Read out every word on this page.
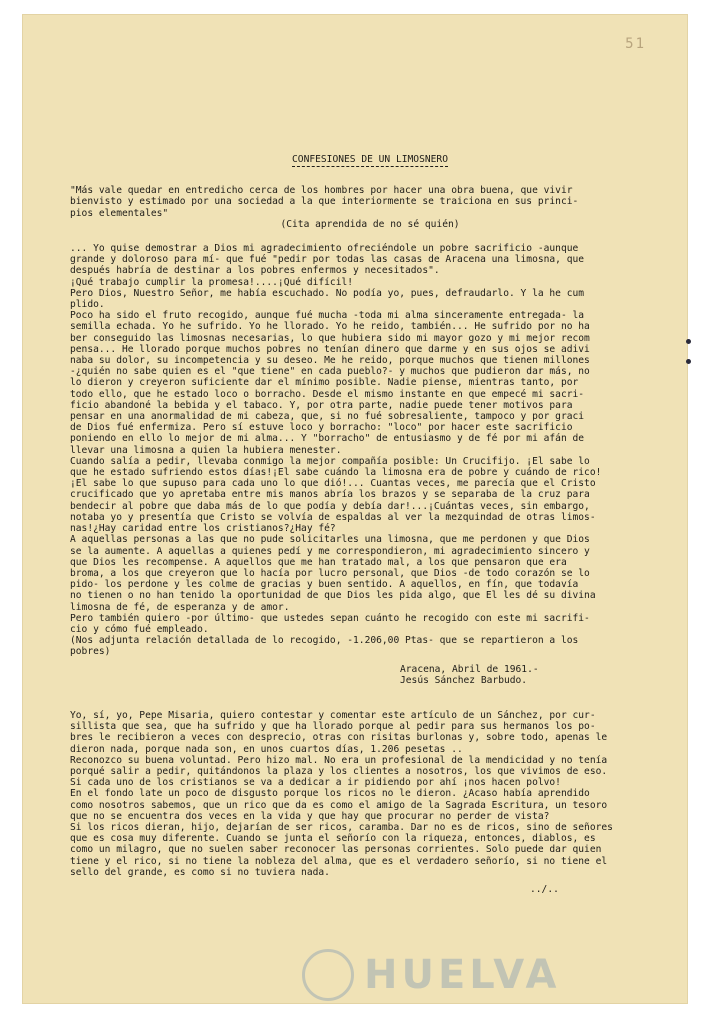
51
CONFESIONES DE UN LIMOSNERO
"Más vale quedar en entredicho cerca de los hombres por hacer una obra buena, que vivir
bienvisto y estimado por una sociedad a la que interiormente se traiciona en sus princi-
pios elementales"
(Cita aprendida de no sé quién)
... Yo quise demostrar a Dios mi agradecimiento ofreciéndole un pobre sacrificio -aunque
grande y doloroso para mí- que fué "pedir por todas las casas de Aracena una limosna, que
después habría de destinar a los pobres enfermos y necesitados".
¡Qué trabajo cumplir la promesa!....¡Qué difícil!
Pero Dios, Nuestro Señor, me había escuchado. No podía yo, pues, defraudarlo. Y la he cum
plido.
Poco ha sido el fruto recogido, aunque fué mucha -toda mi alma sinceramente entregada- la
semilla echada. Yo he sufrido. Yo he llorado. Yo he reido, también... He sufrido por no ha
ber conseguido las limosnas necesarias, lo que hubiera sido mi mayor gozo y mi mejor recom
pensa... He llorado porque muchos pobres no tenían dinero que darme y en sus ojos se adivi
naba su dolor, su incompetencia y su deseo. Me he reido, porque muchos que tienen millones
-¿quién no sabe quien es el "que tiene" en cada pueblo?- y muchos que pudieron dar más, no
lo dieron y creyeron suficiente dar el mínimo posible. Nadie piense, mientras tanto, por
todo ello, que he estado loco o borracho. Desde el mismo instante en que empecé mi sacri-
ficio abandoné la bebida y el tabaco. Y, por otra parte, nadie puede tener motivos para
pensar en una anormalidad de mi cabeza, que, si no fué sobresaliente, tampoco y por graci
de Dios fué enfermiza. Pero sí estuve loco y borracho: "loco" por hacer este sacrificio
poniendo en ello lo mejor de mi alma... Y "borracho" de entusiasmo y de fé por mi afán de
llevar una limosna a quien la hubiera menester.
Cuando salía a pedir, llevaba conmigo la mejor compañía posible: Un Crucifijo. ¡El sabe lo
que he estado sufriendo estos días!¡El sabe cuándo la limosna era de pobre y cuándo de rico!
¡El sabe lo que supuso para cada uno lo que dió!... Cuantas veces, me parecía que el Cristo
crucificado que yo apretaba entre mis manos abría los brazos y se separaba de la cruz para
bendecir al pobre que daba más de lo que podía y debía dar!...¡Cuántas veces, sin embargo,
notaba yo y presentía que Cristo se volvía de espaldas al ver la mezquindad de otras limos-
nas!¿Hay caridad entre los cristianos?¿Hay fé?
A aquellas personas a las que no pude solicitarles una limosna, que me perdonen y que Dios
se la aumente. A aquellas a quienes pedí y me correspondieron, mi agradecimiento sincero y
que Dios les recompense. A aquellos que me han tratado mal, a los que pensaron que era
broma, a los que creyeron que lo hacía por lucro personal, que Dios -de todo corazón se lo
pido- los perdone y les colme de gracias y buen sentido. A aquellos, en fín, que todavía
no tienen o no han tenido la oportunidad de que Dios les pida algo, que El les dé su divina
limosna de fé, de esperanza y de amor.
Pero también quiero -por último- que ustedes sepan cuánto he recogido con este mi sacrifi-
cio y cómo fué empleado.
(Nos adjunta relación detallada de lo recogido, -1.206,00 Ptas- que se repartieron a los
pobres)
Aracena, Abril de 1961.-
Jesús Sánchez Barbudo.
Yo, sí, yo, Pepe Misaria, quiero contestar y comentar este artículo de un Sánchez, por cur-
sillista que sea, que ha sufrido y que ha llorado porque al pedir para sus hermanos los po-
bres le recibieron a veces con desprecio, otras con risitas burlonas y, sobre todo, apenas le
dieron nada, porque nada son, en unos cuartos días, 1.206 pesetas ..
Reconozco su buena voluntad. Pero hizo mal. No era un profesional de la mendicidad y no tenía
porqué salir a pedir, quitándonos la plaza y los clientes a nosotros, los que vivimos de eso.
Si cada uno de los cristianos se va a dedicar a ir pidiendo por ahí ¡nos hacen polvo!
En el fondo late un poco de disgusto porque los ricos no le dieron. ¿Acaso había aprendido
como nosotros sabemos, que un rico que da es como el amigo de la Sagrada Escritura, un tesoro
que no se encuentra dos veces en la vida y que hay que procurar no perder de vista?
Si los ricos dieran, hijo, dejarían de ser ricos, caramba. Dar no es de ricos, sino de señores
que es cosa muy diferente. Cuando se junta el señorío con la riqueza, entonces, diablos, es
como un milagro, que no suelen saber reconocer las personas corrientes. Solo puede dar quien
tiene y el rico, si no tiene la nobleza del alma, que es el verdadero señorío, si no tiene el
sello del grande, es como si no tuviera nada.
../..
HUELVA
